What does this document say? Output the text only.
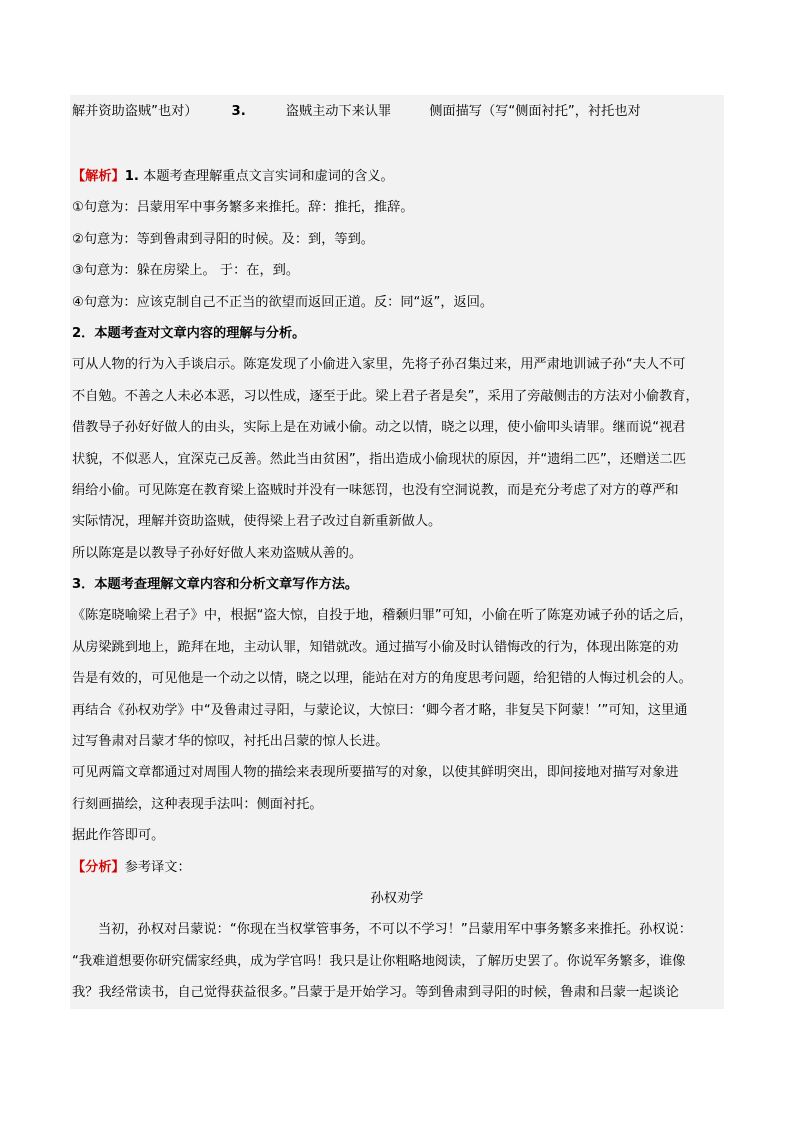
解并资助盗贼”也对）	3.	盗贼主动下来认罪	侧面描写（写“侧面衬托”，衬托也对
【解析】1. 本题考查理解重点文言实词和虚词的含义。
①句意为：吕蒙用军中事务繁多来推托。辞：推托，推辞。
②句意为：等到鲁肃到寻阳的时候。及：到，等到。
③句意为：躲在房梁上。 于：在，到。
④句意为：应该克制自己不正当的欲望而返回正道。反：同“返”，返回。
2．本题考查对文章内容的理解与分析。
可从人物的行为入手谈启示。陈寔发现了小偷进入家里，先将子孙召集过来，用严肃地训诫子孙“夫人不可
不自勉。不善之人未必本恶，习以性成，逐至于此。梁上君子者是矣”，采用了旁敲侧击的方法对小偷教育，
借教导子孙好好做人的由头，实际上是在劝诫小偷。动之以情，晓之以理，使小偷叩头请罪。继而说“视君
状貌，不似恶人，宜深克己反善。然此当由贫困”，指出造成小偷现状的原因，并“遗绢二匹”，还赠送二匹
绢给小偷。可见陈寔在教育梁上盗贼时并没有一味惩罚，也没有空洞说教，而是充分考虑了对方的尊严和
实际情况，理解并资助盗贼，使得梁上君子改过自新重新做人。
所以陈寔是以教导子孙好好做人来劝盗贼从善的。
3．本题考查理解文章内容和分析文章写作方法。
《陈寔晓喻梁上君子》中，根据“盗大惊，自投于地，稽颡归罪”可知，小偷在听了陈寔劝诫子孙的话之后，
从房梁跳到地上，跪拜在地，主动认罪，知错就改。通过描写小偷及时认错悔改的行为，体现出陈寔的劝
告是有效的，可见他是一个动之以情，晓之以理，能站在对方的角度思考问题，给犯错的人悔过机会的人。
再结合《孙权劝学》中“及鲁肃过寻阳，与蒙论议，大惊曰：‘卿今者才略，非复吴下阿蒙！’”可知，这里通
过写鲁肃对吕蒙才华的惊叹，衬托出吕蒙的惊人长进。
可见两篇文章都通过对周围人物的描绘来表现所要描写的对象，以使其鲜明突出，即间接地对描写对象进
行刻画描绘，这种表现手法叫：侧面衬托。
据此作答即可。
【分析】参考译文：
孙权劝学
当初，孙权对吕蒙说：“你现在当权掌管事务，不可以不学习！”吕蒙用军中事务繁多来推托。孙权说：
“我难道想要你研究儒家经典，成为学官吗！我只是让你粗略地阅读，了解历史罢了。你说军务繁多，谁像
我？我经常读书，自己觉得获益很多。”吕蒙于是开始学习。等到鲁肃到寻阳的时候，鲁肃和吕蒙一起谈论
